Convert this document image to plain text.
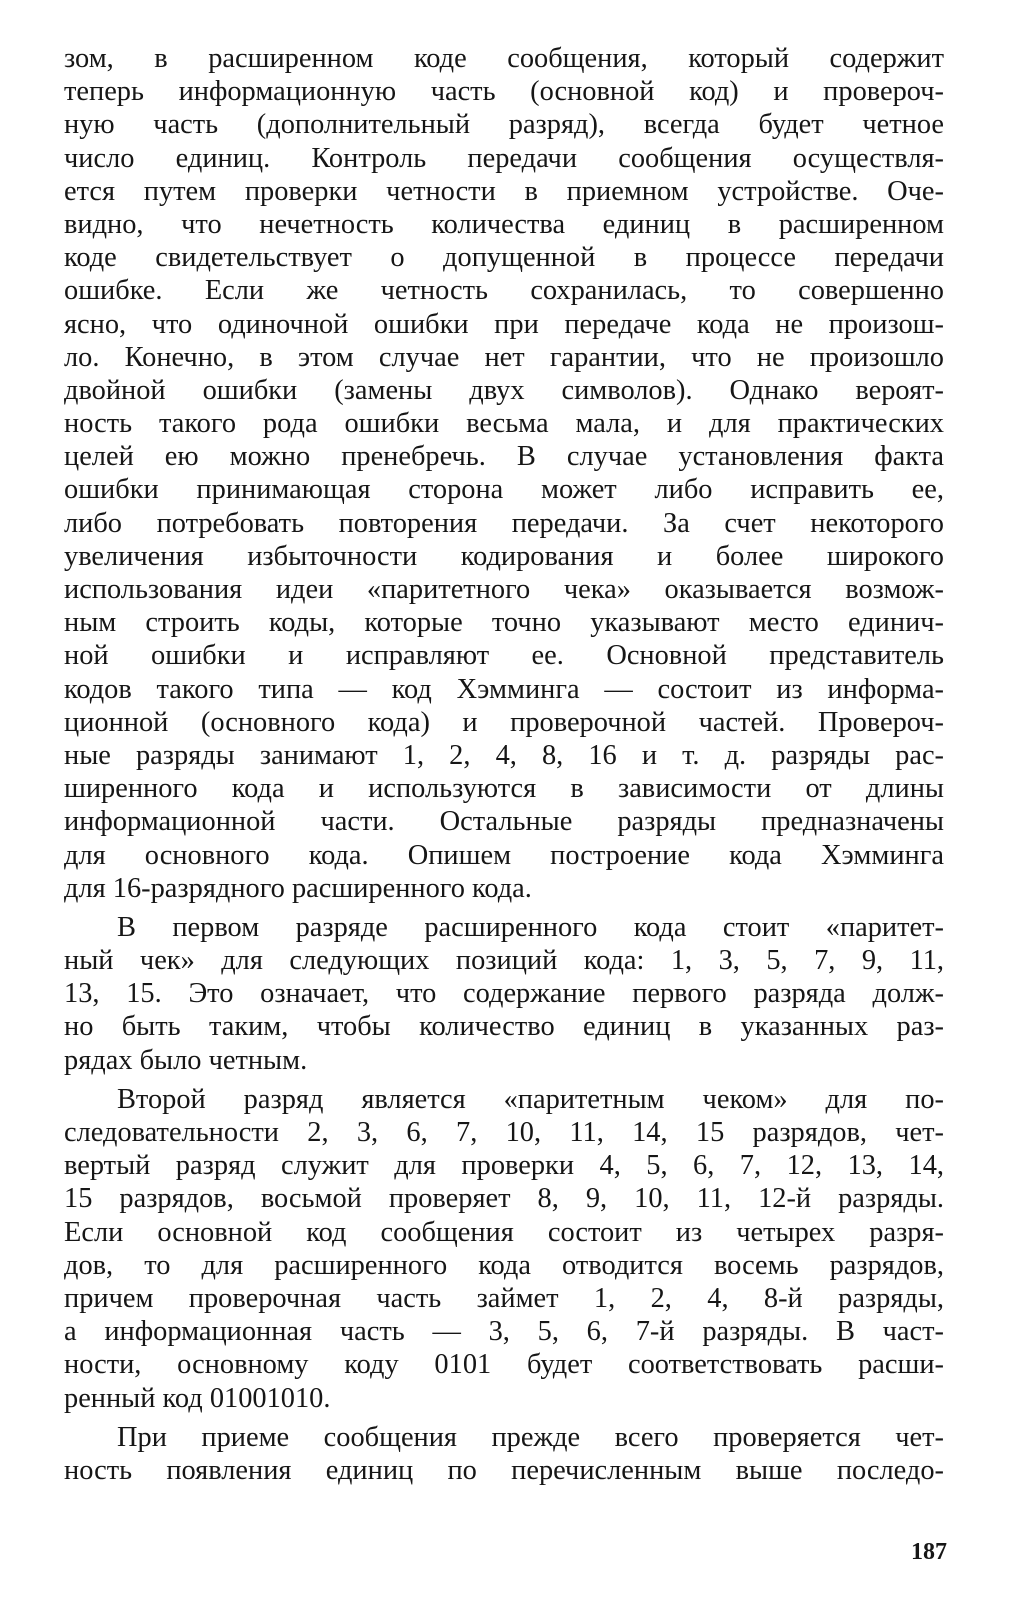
зом, в расширенном коде сообщения, который содержит
теперь информационную часть (основной код) и провероч-
ную часть (дополнительный разряд), всегда будет четное
число единиц. Контроль передачи сообщения осуществля-
ется путем проверки четности в приемном устройстве. Оче-
видно, что нечетность количества единиц в расширенном
коде свидетельствует о допущенной в процессе передачи
ошибке. Если же четность сохранилась, то совершенно
ясно, что одиночной ошибки при передаче кода не произош-
ло. Конечно, в этом случае нет гарантии, что не произошло
двойной ошибки (замены двух символов). Однако вероят-
ность такого рода ошибки весьма мала, и для практических
целей ею можно пренебречь. В случае установления факта
ошибки принимающая сторона может либо исправить ее,
либо потребовать повторения передачи. За счет некоторого
увеличения избыточности кодирования и более широкого
использования идеи «паритетного чека» оказывается возмож-
ным строить коды, которые точно указывают место единич-
ной ошибки и исправляют ее. Основной представитель
кодов такого типа — код Хэмминга — состоит из информа-
ционной (основного кода) и проверочной частей. Провероч-
ные разряды занимают 1, 2, 4, 8, 16 и т. д. разряды рас-
ширенного кода и используются в зависимости от длины
информационной части. Остальные разряды предназначены
для основного кода. Опишем построение кода Хэмминга
для 16-разрядного расширенного кода.
В первом разряде расширенного кода стоит «паритет-
ный чек» для следующих позиций кода: 1, 3, 5, 7, 9, 11,
13, 15. Это означает, что содержание первого разряда долж-
но быть таким, чтобы количество единиц в указанных раз-
рядах было четным.
Второй разряд является «паритетным чеком» для по-
следовательности 2, 3, 6, 7, 10, 11, 14, 15 разрядов, чет-
вертый разряд служит для проверки 4, 5, 6, 7, 12, 13, 14,
15 разрядов, восьмой проверяет 8, 9, 10, 11, 12-й разряды.
Если основной код сообщения состоит из четырех разря-
дов, то для расширенного кода отводится восемь разрядов,
причем проверочная часть займет 1, 2, 4, 8-й разряды,
а информационная часть — 3, 5, 6, 7-й разряды. В част-
ности, основному коду 0101 будет соответствовать расши-
ренный код 01001010.
При приеме сообщения прежде всего проверяется чет-
ность появления единиц по перечисленным выше последо-
187
